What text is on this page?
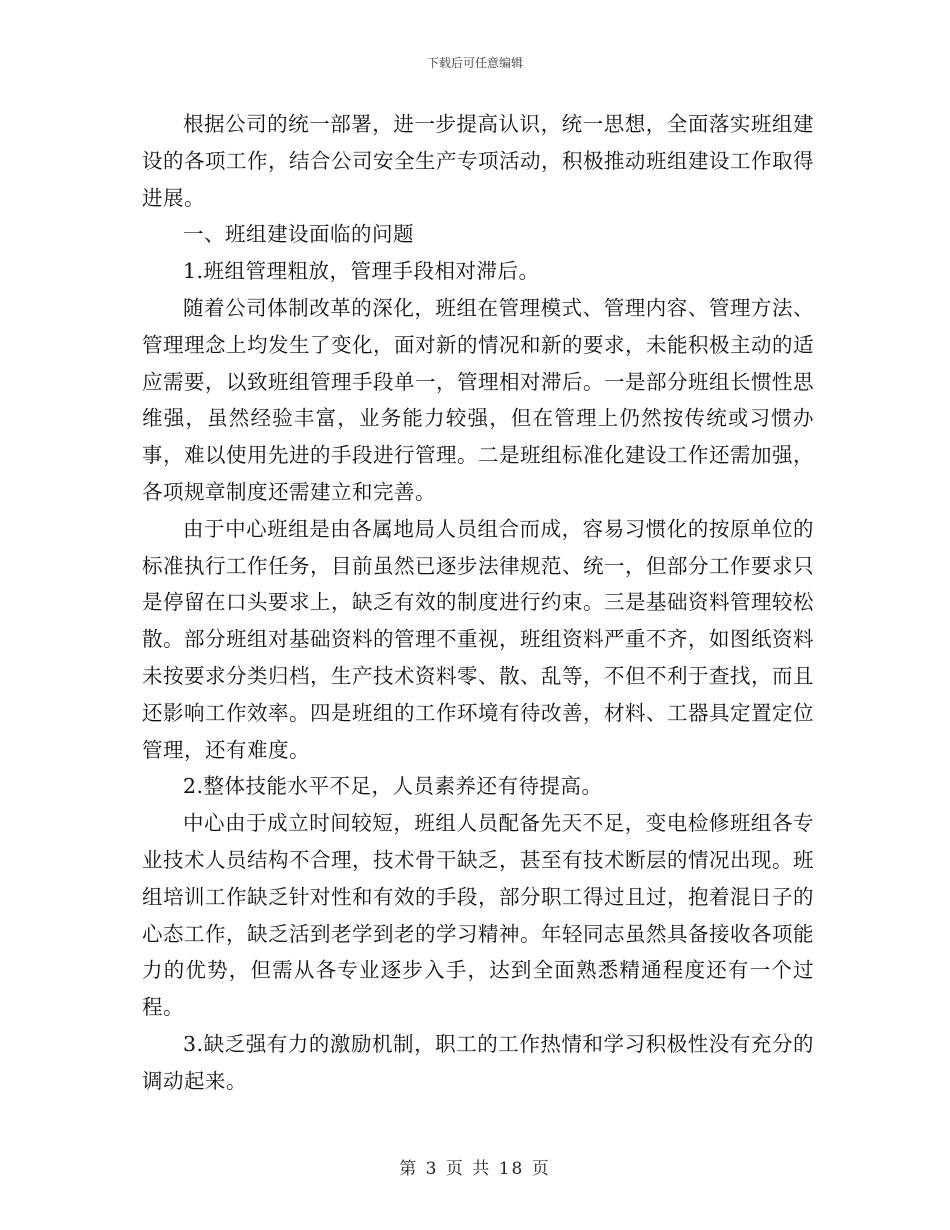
下载后可任意编辑

根据公司的统一部署，进一步提高认识，统一思想，全面落实班组建设的各项工作，结合公司安全生产专项活动，积极推动班组建设工作取得进展。

一、班组建设面临的问题

1.班组管理粗放，管理手段相对滞后。

随着公司体制改革的深化，班组在管理模式、管理内容、管理方法、管理理念上均发生了变化，面对新的情况和新的要求，未能积极主动的适应需要，以致班组管理手段单一，管理相对滞后。一是部分班组长惯性思维强，虽然经验丰富，业务能力较强，但在管理上仍然按传统或习惯办事，难以使用先进的手段进行管理。二是班组标准化建设工作还需加强，各项规章制度还需建立和完善。

由于中心班组是由各属地局人员组合而成，容易习惯化的按原单位的标准执行工作任务，目前虽然已逐步法律规范、统一，但部分工作要求只是停留在口头要求上，缺乏有效的制度进行约束。三是基础资料管理较松散。部分班组对基础资料的管理不重视，班组资料严重不齐，如图纸资料未按要求分类归档，生产技术资料零、散、乱等，不但不利于查找，而且还影响工作效率。四是班组的工作环境有待改善，材料、工器具定置定位管理，还有难度。

2.整体技能水平不足，人员素养还有待提高。

中心由于成立时间较短，班组人员配备先天不足，变电检修班组各专业技术人员结构不合理，技术骨干缺乏，甚至有技术断层的情况出现。班组培训工作缺乏针对性和有效的手段，部分职工得过且过，抱着混日子的心态工作，缺乏活到老学到老的学习精神。年轻同志虽然具备接收各项能力的优势，但需从各专业逐步入手，达到全面熟悉精通程度还有一个过程。

3.缺乏强有力的激励机制，职工的工作热情和学习积极性没有充分的调动起来。

第 3 页 共 18 页
